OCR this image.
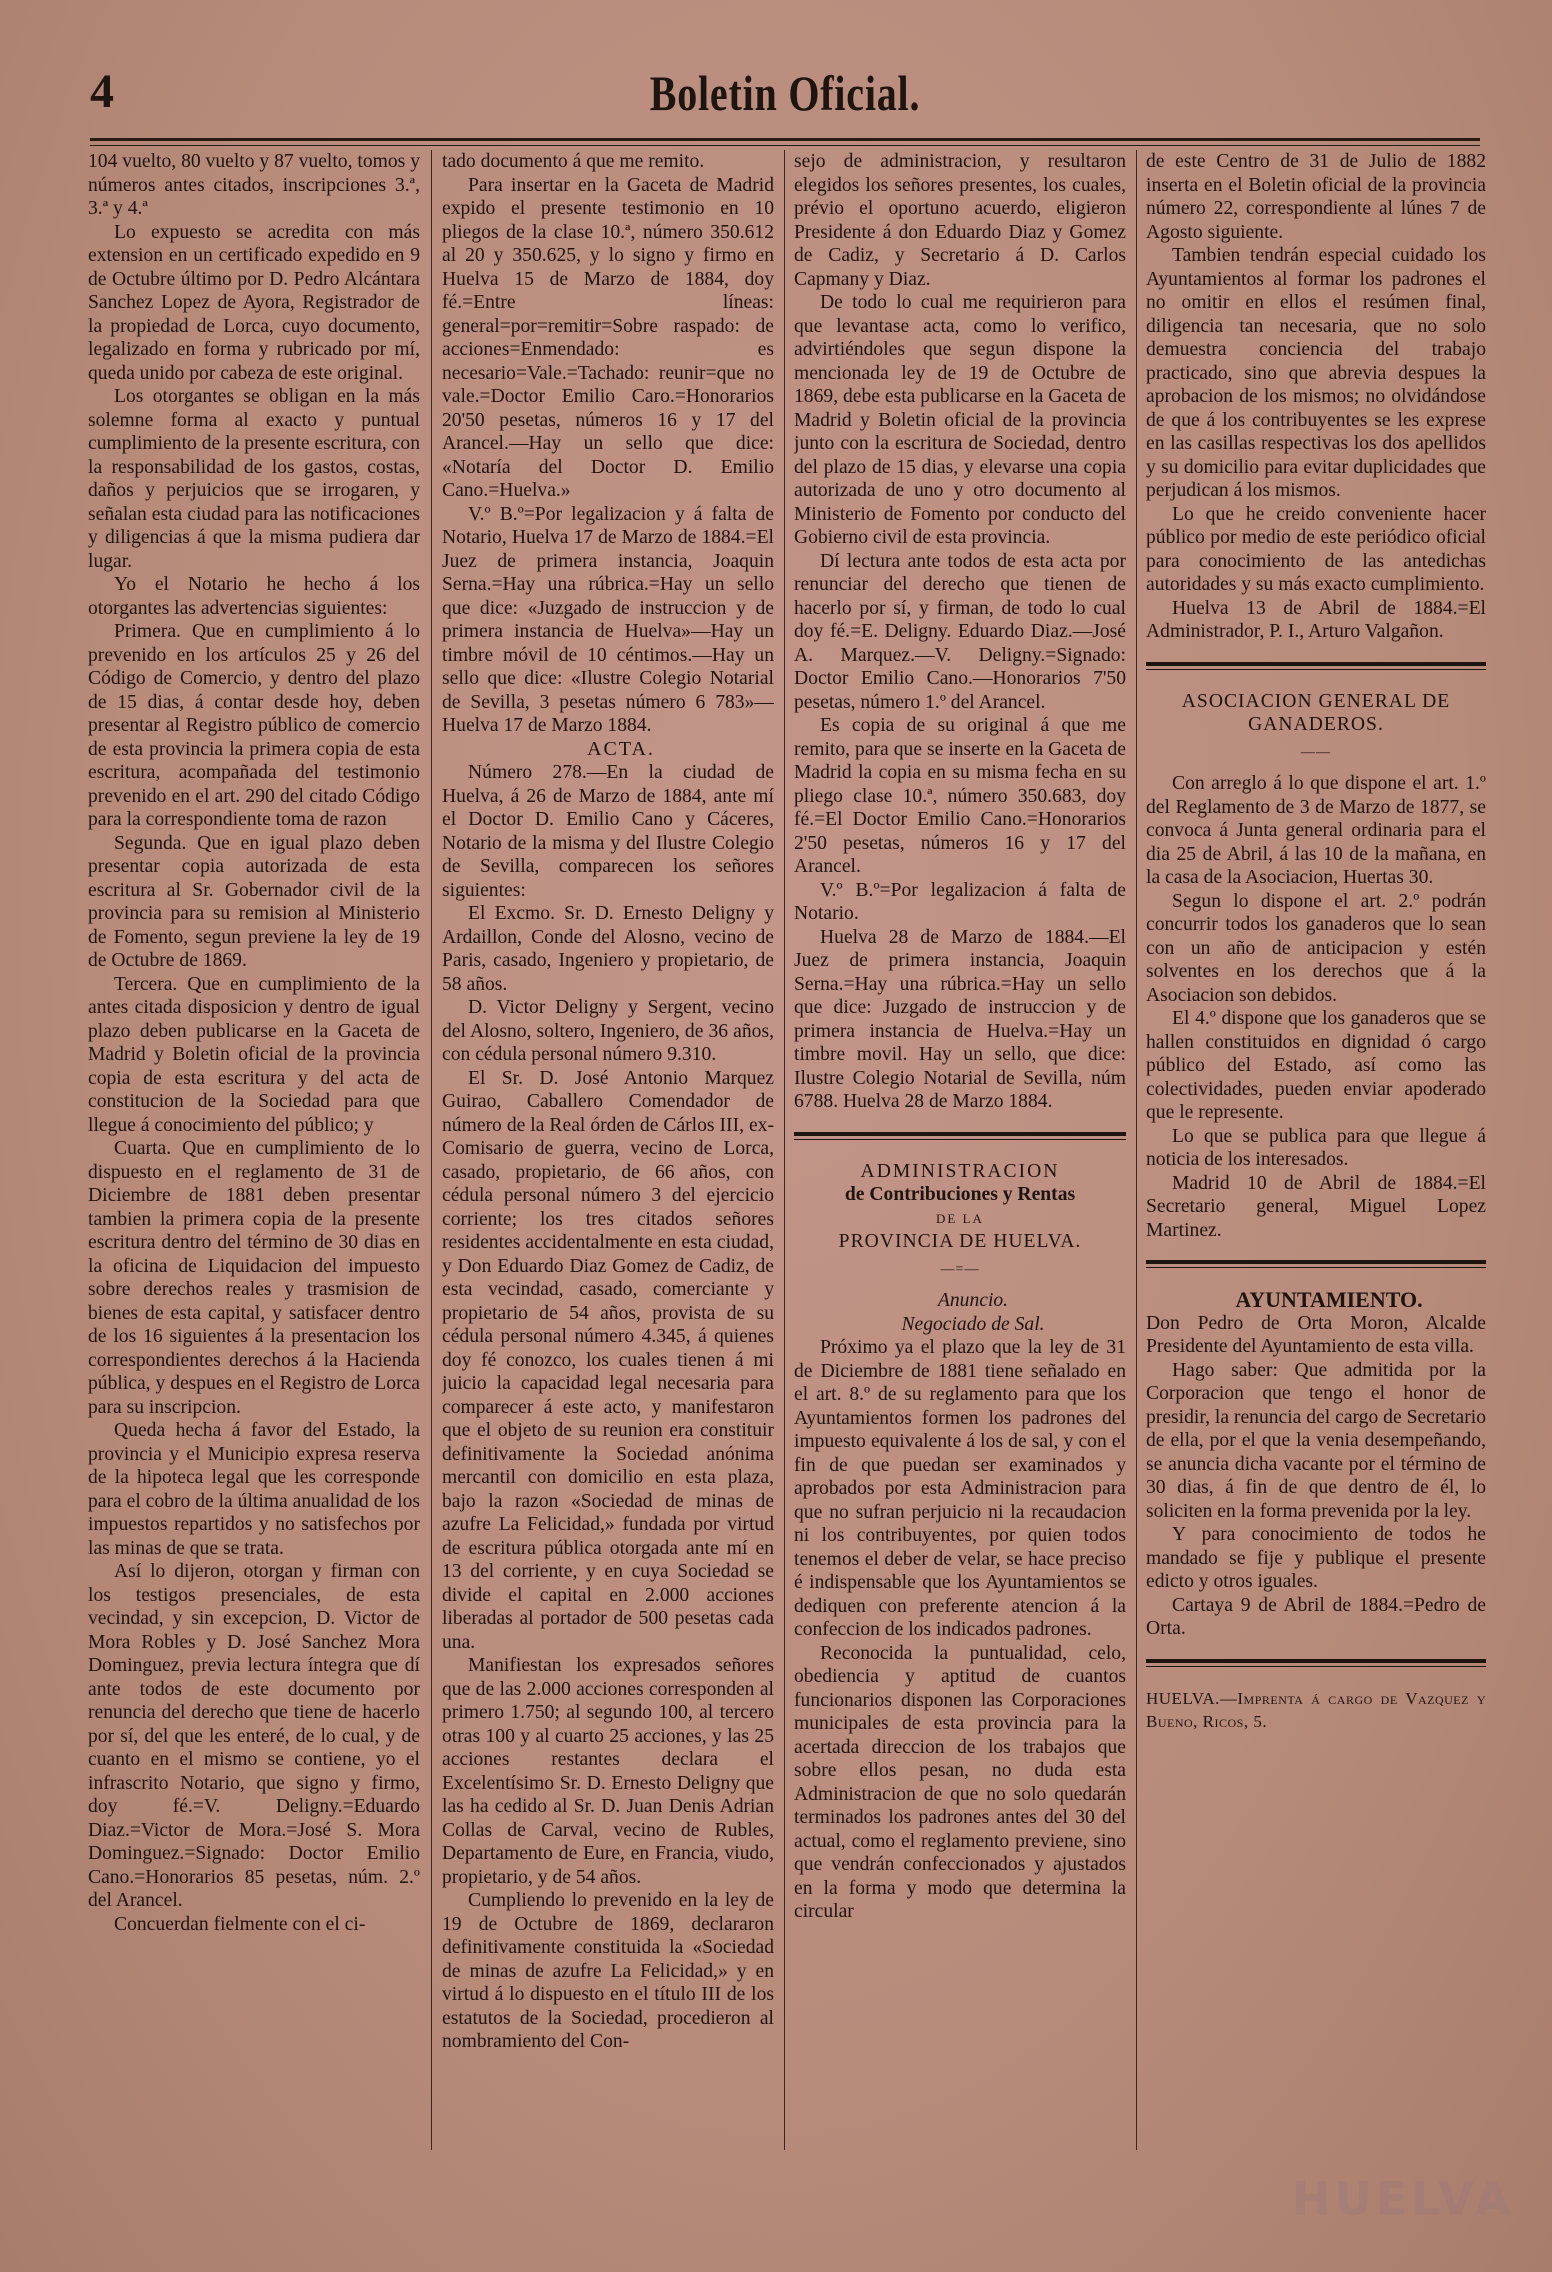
4	Boletin Oficial.

104 vuelto, 80 vuelto y 87 vuelto, tomos y números antes citados, inscripciones 3.ª, 3.ª y 4.ª

Lo expuesto se acredita con más extension en un certificado expedido en 9 de Octubre último por D. Pedro Alcántara Sanchez Lopez de Ayora, Registrador de la propiedad de Lorca, cuyo documento, legalizado en forma y rubricado por mí, queda unido por cabeza de este original.

Los otorgantes se obligan en la más solemne forma al exacto y puntual cumplimiento de la presente escritura, con la responsabilidad de los gastos, costas, daños y perjuicios que se irrogaren, y señalan esta ciudad para las notificaciones y diligencias á que la misma pudiera dar lugar.

Yo el Notario he hecho á los otorgantes las advertencias siguientes:

Primera. Que en cumplimiento á lo prevenido en los artículos 25 y 26 del Código de Comercio, y dentro del plazo de 15 dias, á contar desde hoy, deben presentar al Registro público de comercio de esta provincia la primera copia de esta escritura, acompañada del testimonio prevenido en el art. 290 del citado Código para la correspondiente toma de razon

Segunda. Que en igual plazo deben presentar copia autorizada de esta escritura al Sr. Gobernador civil de la provincia para su remision al Ministerio de Fomento, segun previene la ley de 19 de Octubre de 1869.

Tercera. Que en cumplimiento de la antes citada disposicion y dentro de igual plazo deben publicarse en la Gaceta de Madrid y Boletin oficial de la provincia copia de esta escritura y del acta de constitucion de la Sociedad para que llegue á conocimiento del público; y

Cuarta. Que en cumplimiento de lo dispuesto en el reglamento de 31 de Diciembre de 1881 deben presentar tambien la primera copia de la presente escritura dentro del término de 30 dias en la oficina de Liquidacion del impuesto sobre derechos reales y trasmision de bienes de esta capital, y satisfacer dentro de los 16 siguientes á la presentacion los correspondientes derechos á la Hacienda pública, y despues en el Registro de Lorca para su inscripcion.

Queda hecha á favor del Estado, la provincia y el Municipio expresa reserva de la hipoteca legal que les corresponde para el cobro de la última anualidad de los impuestos repartidos y no satisfechos por las minas de que se trata.

Así lo dijeron, otorgan y firman con los testigos presenciales, de esta vecindad, y sin excepcion, D. Victor de Mora Robles y D. José Sanchez Mora Dominguez, previa lectura íntegra que dí ante todos de este documento por renuncia del derecho que tiene de hacerlo por sí, del que les enteré, de lo cual, y de cuanto en el mismo se contiene, yo el infrascrito Notario, que signo y firmo, doy fé.=V. Deligny.=Eduardo Diaz.=Victor de Mora.=José S. Mora Dominguez.=Signado: Doctor Emilio Cano.=Honorarios 85 pesetas, núm. 2.º del Arancel.

Concuerdan fielmente con el ci-

tado documento á que me remito.

Para insertar en la Gaceta de Madrid expido el presente testimonio en 10 pliegos de la clase 10.ª, número 350.612 al 20 y 350.625, y lo signo y firmo en Huelva 15 de Marzo de 1884, doy fé.=Entre líneas: general=por=remitir=Sobre raspado: de acciones=Enmendado: es necesario=Vale.=Tachado: reunir=que no vale.=Doctor Emilio Caro.=Honorarios 20'50 pesetas, números 16 y 17 del Arancel.—Hay un sello que dice: «Notaría del Doctor D. Emilio Cano.=Huelva.»

V.º B.º=Por legalizacion y á falta de Notario, Huelva 17 de Marzo de 1884.=El Juez de primera instancia, Joaquin Serna.=Hay una rúbrica.=Hay un sello que dice: «Juzgado de instruccion y de primera instancia de Huelva»—Hay un timbre móvil de 10 céntimos.—Hay un sello que dice: «Ilustre Colegio Notarial de Sevilla, 3 pesetas número 6 783»—Huelva 17 de Marzo 1884.

ACTA.

Número 278.—En la ciudad de Huelva, á 26 de Marzo de 1884, ante mí el Doctor D. Emilio Cano y Cáceres, Notario de la misma y del Ilustre Colegio de Sevilla, comparecen los señores siguientes:

El Excmo. Sr. D. Ernesto Deligny y Ardaillon, Conde del Alosno, vecino de Paris, casado, Ingeniero y propietario, de 58 años.

D. Victor Deligny y Sergent, vecino del Alosno, soltero, Ingeniero, de 36 años, con cédula personal número 9.310.

El Sr. D. José Antonio Marquez Guirao, Caballero Comendador de número de la Real órden de Cárlos III, ex-Comisario de guerra, vecino de Lorca, casado, propietario, de 66 años, con cédula personal número 3 del ejercicio corriente; los tres citados señores residentes accidentalmente en esta ciudad, y Don Eduardo Diaz Gomez de Cadiz, de esta vecindad, casado, comerciante y propietario de 54 años, provista de su cédula personal número 4.345, á quienes doy fé conozco, los cuales tienen á mi juicio la capacidad legal necesaria para comparecer á este acto, y manifestaron que el objeto de su reunion era constituir definitivamente la Sociedad anónima mercantil con domicilio en esta plaza, bajo la razon «Sociedad de minas de azufre La Felicidad,» fundada por virtud de escritura pública otorgada ante mí en 13 del corriente, y en cuya Sociedad se divide el capital en 2.000 acciones liberadas al portador de 500 pesetas cada una.

Manifiestan los expresados señores que de las 2.000 acciones corresponden al primero 1.750; al segundo 100, al tercero otras 100 y al cuarto 25 acciones, y las 25 acciones restantes declara el Excelentísimo Sr. D. Ernesto Deligny que las ha cedido al Sr. D. Juan Denis Adrian Collas de Carval, vecino de Rubles, Departamento de Eure, en Francia, viudo, propietario, y de 54 años.

Cumpliendo lo prevenido en la ley de 19 de Octubre de 1869, declararon definitivamente constituida la «Sociedad de minas de azufre La Felicidad,» y en virtud á lo dispuesto en el título III de los estatutos de la Sociedad, procedieron al nombramiento del Con-

sejo de administracion, y resultaron elegidos los señores presentes, los cuales, prévio el oportuno acuerdo, eligieron Presidente á don Eduardo Diaz y Gomez de Cadiz, y Secretario á D. Carlos Capmany y Diaz.

De todo lo cual me requirieron para que levantase acta, como lo verifico, advirtiéndoles que segun dispone la mencionada ley de 19 de Octubre de 1869, debe esta publicarse en la Gaceta de Madrid y Boletin oficial de la provincia junto con la escritura de Sociedad, dentro del plazo de 15 dias, y elevarse una copia autorizada de uno y otro documento al Ministerio de Fomento por conducto del Gobierno civil de esta provincia.

Dí lectura ante todos de esta acta por renunciar del derecho que tienen de hacerlo por sí, y firman, de todo lo cual doy fé.=E. Deligny. Eduardo Diaz.—José A. Marquez.—V. Deligny.=Signado: Doctor Emilio Cano.—Honorarios 7'50 pesetas, número 1.º del Arancel.

Es copia de su original á que me remito, para que se inserte en la Gaceta de Madrid la copia en su misma fecha en su pliego clase 10.ª, número 350.683, doy fé.=El Doctor Emilio Cano.=Honorarios 2'50 pesetas, números 16 y 17 del Arancel.

V.º B.º=Por legalizacion á falta de Notario.

Huelva 28 de Marzo de 1884.—El Juez de primera instancia, Joaquin Serna.=Hay una rúbrica.=Hay un sello que dice: Juzgado de instruccion y de primera instancia de Huelva.=Hay un timbre movil. Hay un sello, que dice: Ilustre Colegio Notarial de Sevilla, núm 6788. Huelva 28 de Marzo 1884.

ADMINISTRACION

de Contribuciones y Rentas

DE LA

PROVINCIA DE HUELVA.

—=—

Anuncio.

Negociado de Sal.

Próximo ya el plazo que la ley de 31 de Diciembre de 1881 tiene señalado en el art. 8.º de su reglamento para que los Ayuntamientos formen los padrones del impuesto equivalente á los de sal, y con el fin de que puedan ser examinados y aprobados por esta Administracion para que no sufran perjuicio ni la recaudacion ni los contribuyentes, por quien todos tenemos el deber de velar, se hace preciso é indispensable que los Ayuntamientos se dediquen con preferente atencion á la confeccion de los indicados padrones.

Reconocida la puntualidad, celo, obediencia y aptitud de cuantos funcionarios disponen las Corporaciones municipales de esta provincia para la acertada direccion de los trabajos que sobre ellos pesan, no duda esta Administracion de que no solo quedarán terminados los padrones antes del 30 del actual, como el reglamento previene, sino que vendrán confeccionados y ajustados en la forma y modo que determina la circular

de este Centro de 31 de Julio de 1882 inserta en el Boletin oficial de la provincia número 22, correspondiente al lúnes 7 de Agosto siguiente.

Tambien tendrán especial cuidado los Ayuntamientos al formar los padrones el no omitir en ellos el resúmen final, diligencia tan necesaria, que no solo demuestra conciencia del trabajo practicado, sino que abrevia despues la aprobacion de los mismos; no olvidándose de que á los contribuyentes se les exprese en las casillas respectivas los dos apellidos y su domicilio para evitar duplicidades que perjudican á los mismos.

Lo que he creido conveniente hacer público por medio de este periódico oficial para conocimiento de las antedichas autoridades y su más exacto cumplimiento.

Huelva 13 de Abril de 1884.=El Administrador, P. I., Arturo Valgañon.

ASOCIACION GENERAL DE

GANADEROS.

——

Con arreglo á lo que dispone el art. 1.º del Reglamento de 3 de Marzo de 1877, se convoca á Junta general ordinaria para el dia 25 de Abril, á las 10 de la mañana, en la casa de la Asociacion, Huertas 30.

Segun lo dispone el art. 2.º podrán concurrir todos los ganaderos que lo sean con un año de anticipacion y estén solventes en los derechos que á la Asociacion son debidos.

El 4.º dispone que los ganaderos que se hallen constituidos en dignidad ó cargo público del Estado, así como las colectividades, pueden enviar apoderado que le represente.

Lo que se publica para que llegue á noticia de los interesados.

Madrid 10 de Abril de 1884.=El Secretario general, Miguel Lopez Martinez.

AYUNTAMIENTO.

Don Pedro de Orta Moron, Alcalde Presidente del Ayuntamiento de esta villa.

Hago saber: Que admitida por la Corporacion que tengo el honor de presidir, la renuncia del cargo de Secretario de ella, por el que la venia desempeñando, se anuncia dicha vacante por el término de 30 dias, á fin de que dentro de él, lo soliciten en la forma prevenida por la ley.

Y para conocimiento de todos he mandado se fije y publique el presente edicto y otros iguales.

Cartaya 9 de Abril de 1884.=Pedro de Orta.

HUELVA.—Imprenta á cargo de Vazquez y Bueno, Ricos, 5.

HUELVA
